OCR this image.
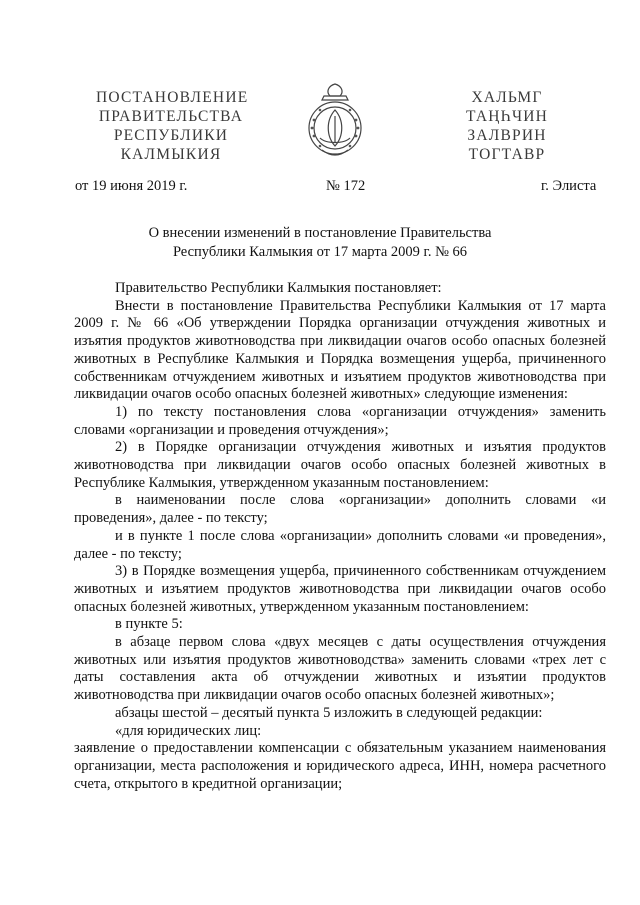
ПОСТАНОВЛЕНИЕ
ПРАВИТЕЛЬСТВА
РЕСПУБЛИКИ
КАЛМЫКИЯ
ХАЛЬМГ
ТАҢҺЧИН
ЗАЛВРИН
ТОГТАВР
от 19 июня 2019 г.	№ 172	г. Элиста
О внесении изменений в постановление Правительства
Республики Калмыкия от 17 марта 2009 г. № 66

Правительство Республики Калмыкия постановляет:

Внести в постановление Правительства Республики Калмыкия от 17 марта 2009 г. № 66 «Об утверждении Порядка организации отчуждения животных и изъятия продуктов животноводства при ликвидации очагов особо опасных болезней животных в Республике Калмыкия и Порядка возмещения ущерба, причиненного собственникам отчуждением животных и изъятием продуктов животноводства при ликвидации очагов особо опасных болезней животных» следующие изменения:

1) по тексту постановления слова «организации отчуждения» заменить словами «организации и проведения отчуждения»;

2) в Порядке организации отчуждения животных и изъятия продуктов животноводства при ликвидации очагов особо опасных болезней животных в Республике Калмыкия, утвержденном указанным постановлением:

в наименовании после слова «организации» дополнить словами «и проведения», далее - по тексту;

и в пункте 1 после слова «организации» дополнить словами «и проведения», далее - по тексту;

3) в Порядке возмещения ущерба, причиненного собственникам отчуждением животных и изъятием продуктов животноводства при ликвидации очагов особо опасных болезней животных, утвержденном указанным постановлением:

в пункте 5:

в абзаце первом слова «двух месяцев с даты осуществления отчуждения животных или изъятия продуктов животноводства» заменить словами «трех лет с даты составления акта об отчуждении животных и изъятии продуктов животноводства при ликвидации очагов особо опасных болезней животных»;

абзацы шестой – десятый пункта 5 изложить в следующей редакции:

«для юридических лиц:

заявление о предоставлении компенсации с обязательным указанием наименования организации, места расположения и юридического адреса, ИНН, номера расчетного счета, открытого в кредитной организации;
